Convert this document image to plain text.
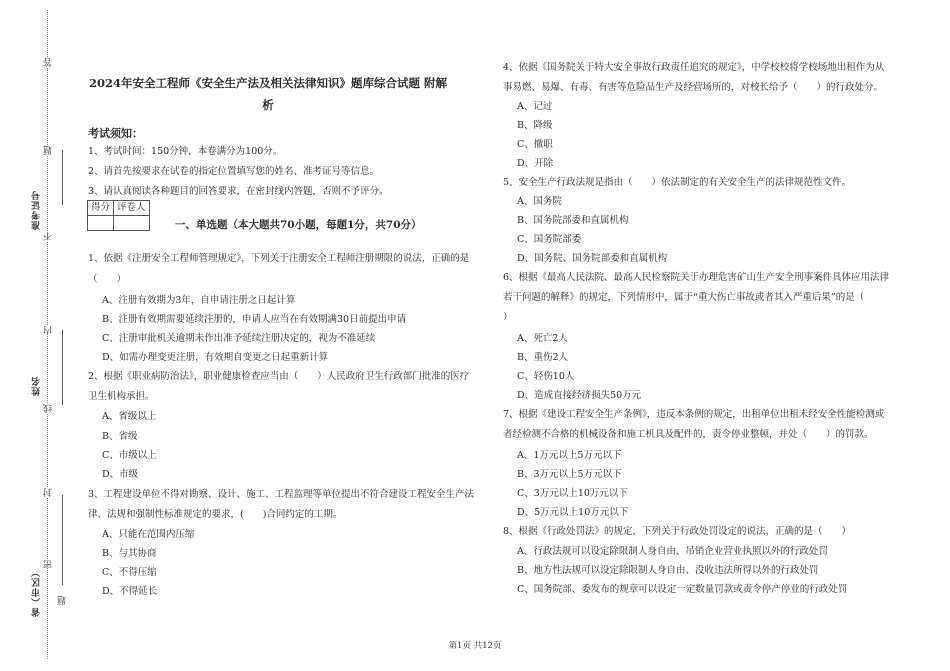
答
题
准考证号
不
内
姓名
线
封
密
省（市区） 题
2024年安全工程师《安全生产法及相关法律知识》题库综合试题 附解
析
考试须知：
1、考试时间：150分钟，本卷满分为100分。
2、请首先按要求在试卷的指定位置填写您的姓名、准考证号等信息。
3、请认真阅读各种题目的回答要求，在密封线内答题，否则不予评分。
得分	评卷人

一、单选题（本大题共70小题，每题1分，共70分）
1、依据《注册安全工程师管理规定》，下列关于注册安全工程师注册期限的说法，正确的是
（　　）
A、注册有效期为3年，自申请注册之日起计算
B、注册有效期需要延续注册的，申请人应当在有效期满30日前提出申请
C、注册审批机关逾期未作出准予延续注册决定的，视为不准延续
D、如需办理变更注册，有效期自变更之日起重新计算
2、根据《职业病防治法》，职业健康检查应当由（　　）人民政府卫生行政部门批准的医疗
卫生机构承担。
A、省级以上
B、省级
C、市级以上
D、市级
3、工程建设单位不得对勘察、设计、施工、工程监理等单位提出不符合建设工程安全生产法
律、法规和强制性标准规定的要求，(　　)合同约定的工期。
A、只能在范围内压缩
B、与其协商
C、不得压缩
D、不得延长
4、依据《国务院关于特大安全事故行政责任追究的规定》，中学校校将学校场地出租作为从
事易燃、易爆、有毒、有害等危险品生产及经营场所的，对校长给予（　　）的行政处分。
A、记过
B、降级
C、撤职
D、开除
5、安全生产行政法规是指由（　　）依法制定的有关安全生产的法律规范性文件。
A、国务院
B、国务院部委和直属机构
C、国务院部委
D、国务院、国务院部委和直属机构
6、根据《最高人民法院、最高人民检察院关于办理危害矿山生产安全刑事案件具体应用法律
若干问题的解释》的规定，下列情形中，属于“重大伤亡事故或者其入严重后果”的是（
）
A、死亡2人
B、重伤2人
C、轻伤10人
D、造成直接经济损失50万元
7、根据《建设工程安全生产条例》，违反本条例的规定，出租单位出租未经安全性能检测或
者经检测不合格的机械设备和施工机具及配件的，责令停业整顿，并处（　　）的罚款。
A、1万元以上5万元以下
B、3万元以上5万元以下
C、3万元以上10万元以下
D、5万元以上10万元以下
8、根据《行政处罚法》的规定，下列关于行政处罚设定的说法，正确的是（　　）
A、行政法规可以设定除限制人身自由、吊销企业营业执照以外的行政处罚
B、地方性法规可以设定除限制人身自由、没收违法所得以外的行政处罚
C、国务院部、委发布的规章可以设定一定数量罚款或责令停产停业的行政处罚
第1页 共12页
